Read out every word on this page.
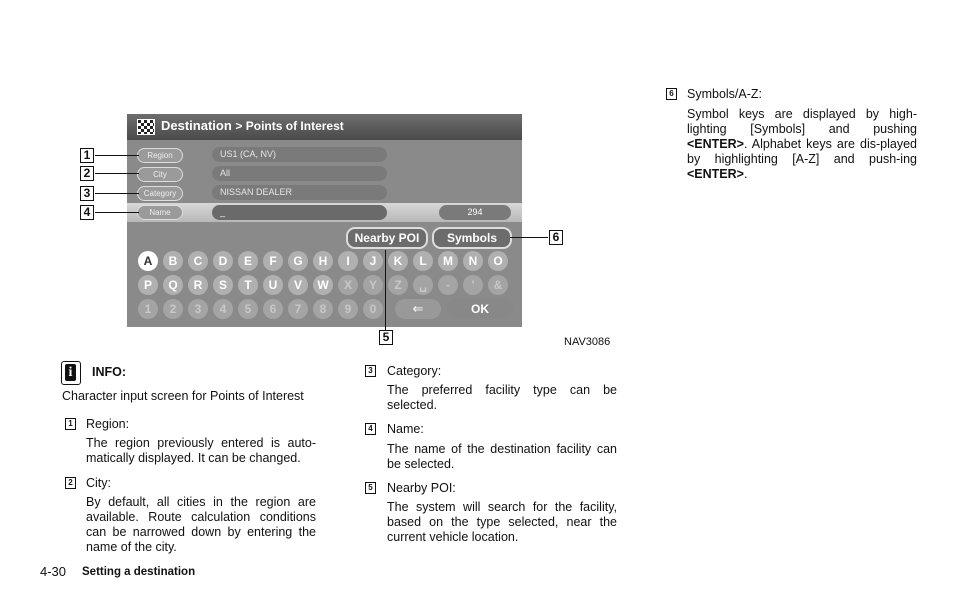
Destination > Points of Interest
Region	US1 (CA, NV)
City	All
Category	NISSAN DEALER
Name	_	294
Nearby POI	Symbols
A	B	C	D	E	F	G	H	I	J	K	L	M	N	O
P	Q	R	S	T	U	V	W	X	Y	Z	␣	-	'	&
1	2	3	4	5	6	7	8	9	0	⇐	OK
1
2
3
4
5
6
NAV3086
i INFO:
Character input screen for Points of Interest
1 Region:
The region previously entered is auto-matically displayed. It can be changed.
2 City:
By default, all cities in the region are available. Route calculation conditions can be narrowed down by entering the name of the city.
3 Category:
The preferred facility type can be selected.
4 Name:
The name of the destination facility can be selected.
5 Nearby POI:
The system will search for the facility, based on the type selected, near the current vehicle location.
6 Symbols/A-Z:
Symbol keys are displayed by high-lighting [Symbols] and pushing <ENTER>. Alphabet keys are dis-played by highlighting [A-Z] and push-ing <ENTER>.
4-30 Setting a destination
